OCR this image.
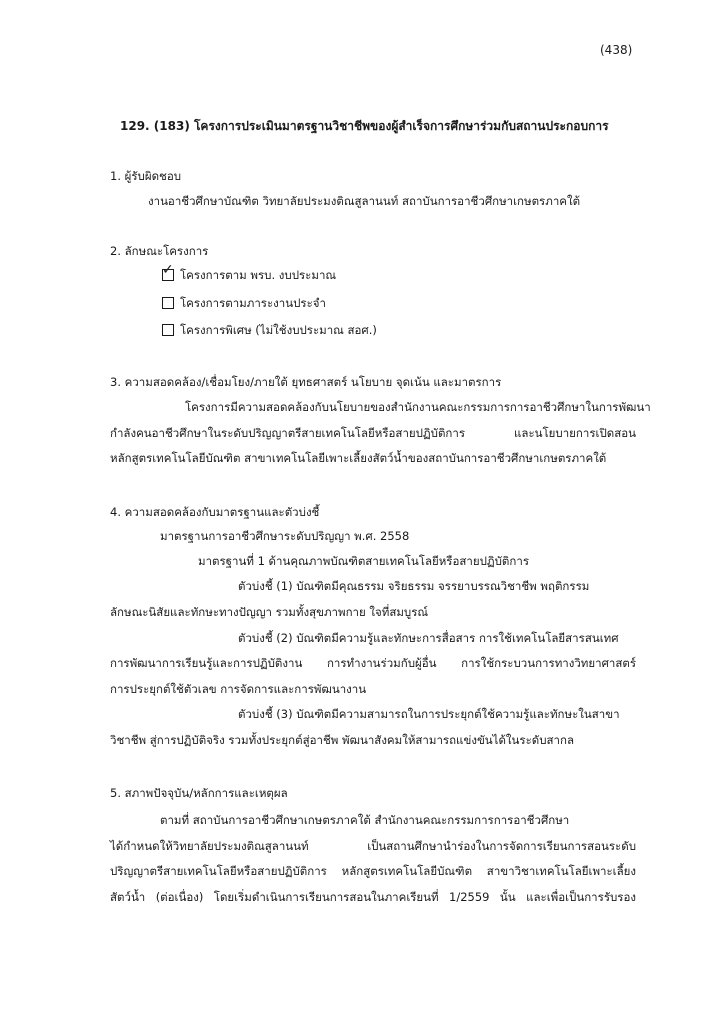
(438)
129. (183) โครงการประเมินมาตรฐานวิชาชีพของผู้สำเร็จการศึกษาร่วมกับสถานประกอบการ
1. ผู้รับผิดชอบ
งานอาชีวศึกษาบัณฑิต วิทยาลัยประมงติณสูลานนท์ สถาบันการอาชีวศึกษาเกษตรภาคใต้
2. ลักษณะโครงการ
✓ โครงการตาม พรบ. งบประมาณ
โครงการตามภาระงานประจำ
โครงการพิเศษ (ไม่ใช้งบประมาณ สอศ.)
3. ความสอดคล้อง/เชื่อมโยง/ภายใต้ ยุทธศาสตร์ นโยบาย จุดเน้น และมาตรการ
โครงการมีความสอดคล้องกับนโยบายของสำนักงานคณะกรรมการการอาชีวศึกษาในการพัฒนา
กำลังคนอาชีวศึกษาในระดับปริญญาตรีสายเทคโนโลยีหรือสายปฏิบัติการ และนโยบายการเปิดสอน
หลักสูตรเทคโนโลยีบัณฑิต สาขาเทคโนโลยีเพาะเลี้ยงสัตว์น้ำของสถาบันการอาชีวศึกษาเกษตรภาคใต้
4. ความสอดคล้องกับมาตรฐานและตัวบ่งชี้
มาตรฐานการอาชีวศึกษาระดับปริญญา พ.ศ. 2558
มาตรฐานที่ 1 ด้านคุณภาพบัณฑิตสายเทคโนโลยีหรือสายปฏิบัติการ
ตัวบ่งชี้ (1) บัณฑิตมีคุณธรรม จริยธรรม จรรยาบรรณวิชาชีพ พฤติกรรม
ลักษณะนิสัยและทักษะทางปัญญา รวมทั้งสุขภาพกาย ใจที่สมบูรณ์
ตัวบ่งชี้ (2) บัณฑิตมีความรู้และทักษะการสื่อสาร การใช้เทคโนโลยีสารสนเทศ
การพัฒนาการเรียนรู้และการปฏิบัติงาน การทำงานร่วมกับผู้อื่น การใช้กระบวนการทางวิทยาศาสตร์
การประยุกต์ใช้ตัวเลข การจัดการและการพัฒนางาน
ตัวบ่งชี้ (3) บัณฑิตมีความสามารถในการประยุกต์ใช้ความรู้และทักษะในสาขา
วิชาชีพ สู่การปฏิบัติจริง รวมทั้งประยุกต์สู่อาชีพ พัฒนาสังคมให้สามารถแข่งขันได้ในระดับสากล
5. สภาพปัจจุบัน/หลักการและเหตุผล
ตามที่ สถาบันการอาชีวศึกษาเกษตรภาคใต้ สำนักงานคณะกรรมการการอาชีวศึกษา
ได้กำหนดให้วิทยาลัยประมงติณสูลานนท์ เป็นสถานศึกษานำร่องในการจัดการเรียนการสอนระดับ
ปริญญาตรีสายเทคโนโลยีหรือสายปฏิบัติการ หลักสูตรเทคโนโลยีบัณฑิต สาขาวิชาเทคโนโลยีเพาะเลี้ยง
สัตว์น้ำ (ต่อเนื่อง) โดยเริ่มดำเนินการเรียนการสอนในภาคเรียนที่ 1/2559 นั้น และเพื่อเป็นการรับรอง
